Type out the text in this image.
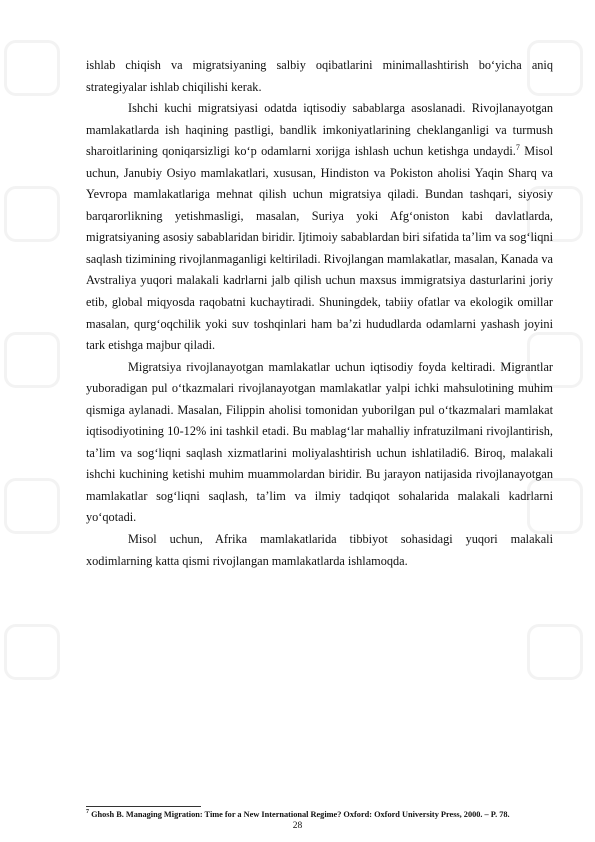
ishlab chiqish va migratsiyaning salbiy oqibatlarini minimallashtirish bo‘yicha aniq strategiyalar ishlab chiqilishi kerak.

Ishchi kuchi migratsiyasi odatda iqtisodiy sabablarga asoslanadi. Rivojlanayotgan mamlakatlarda ish haqining pastligi, bandlik imkoniyatlarining cheklanganligi va turmush sharoitlarining qoniqarsizligi ko‘p odamlarni xorijga ishlash uchun ketishga undaydi.$^7$ Misol uchun, Janubiy Osiyo mamlakatlari, xususan, Hindiston va Pokiston aholisi Yaqin Sharq va Yevropa mamlakatlariga mehnat qilish uchun migratsiya qiladi. Bundan tashqari, siyosiy barqarorlikning yetishmasligi, masalan, Suriya yoki Afg‘oniston kabi davlatlarda, migratsiyaning asosiy sabablaridan biridir. Ijtimoiy sabablardan biri sifatida ta’lim va sog‘liqni saqlash tizimining rivojlanmaganligi keltiriladi. Rivojlangan mamlakatlar, masalan, Kanada va Avstraliya yuqori malakali kadrlarni jalb qilish uchun maxsus immigratsiya dasturlarini joriy etib, global miqyosda raqobatni kuchaytiradi. Shuningdek, tabiiy ofatlar va ekologik omillar masalan, qurg‘oqchilik yoki suv toshqinlari ham ba’zi hududlarda odamlarni yashash joyini tark etishga majbur qiladi.

Migratsiya rivojlanayotgan mamlakatlar uchun iqtisodiy foyda keltiradi. Migrantlar yuboradigan pul o‘tkazmalari rivojlanayotgan mamlakatlar yalpi ichki mahsulotining muhim qismiga aylanadi. Masalan, Filippin aholisi tomonidan yuborilgan pul o‘tkazmalari mamlakat iqtisodiyotining 10-12% ini tashkil etadi. Bu mablag‘lar mahalliy infratuzilmani rivojlantirish, ta’lim va sog‘liqni saqlash xizmatlarini moliyalashtirish uchun ishlatiladi6. Biroq, malakali ishchi kuchining ketishi muhim muammolardan biridir. Bu jarayon natijasida rivojlanayotgan mamlakatlar sog‘liqni saqlash, ta’lim va ilmiy tadqiqot sohalarida malakali kadrlarni yo‘qotadi.

Misol uchun, Afrika mamlakatlarida tibbiyot sohasidagi yuqori malakali xodimlarning katta qismi rivojlangan mamlakatlarda ishlamoqda.

$^7$ Ghosh B. Managing Migration: Time for a New International Regime? Oxford: Oxford University Press, 2000. – P. 78.
28
